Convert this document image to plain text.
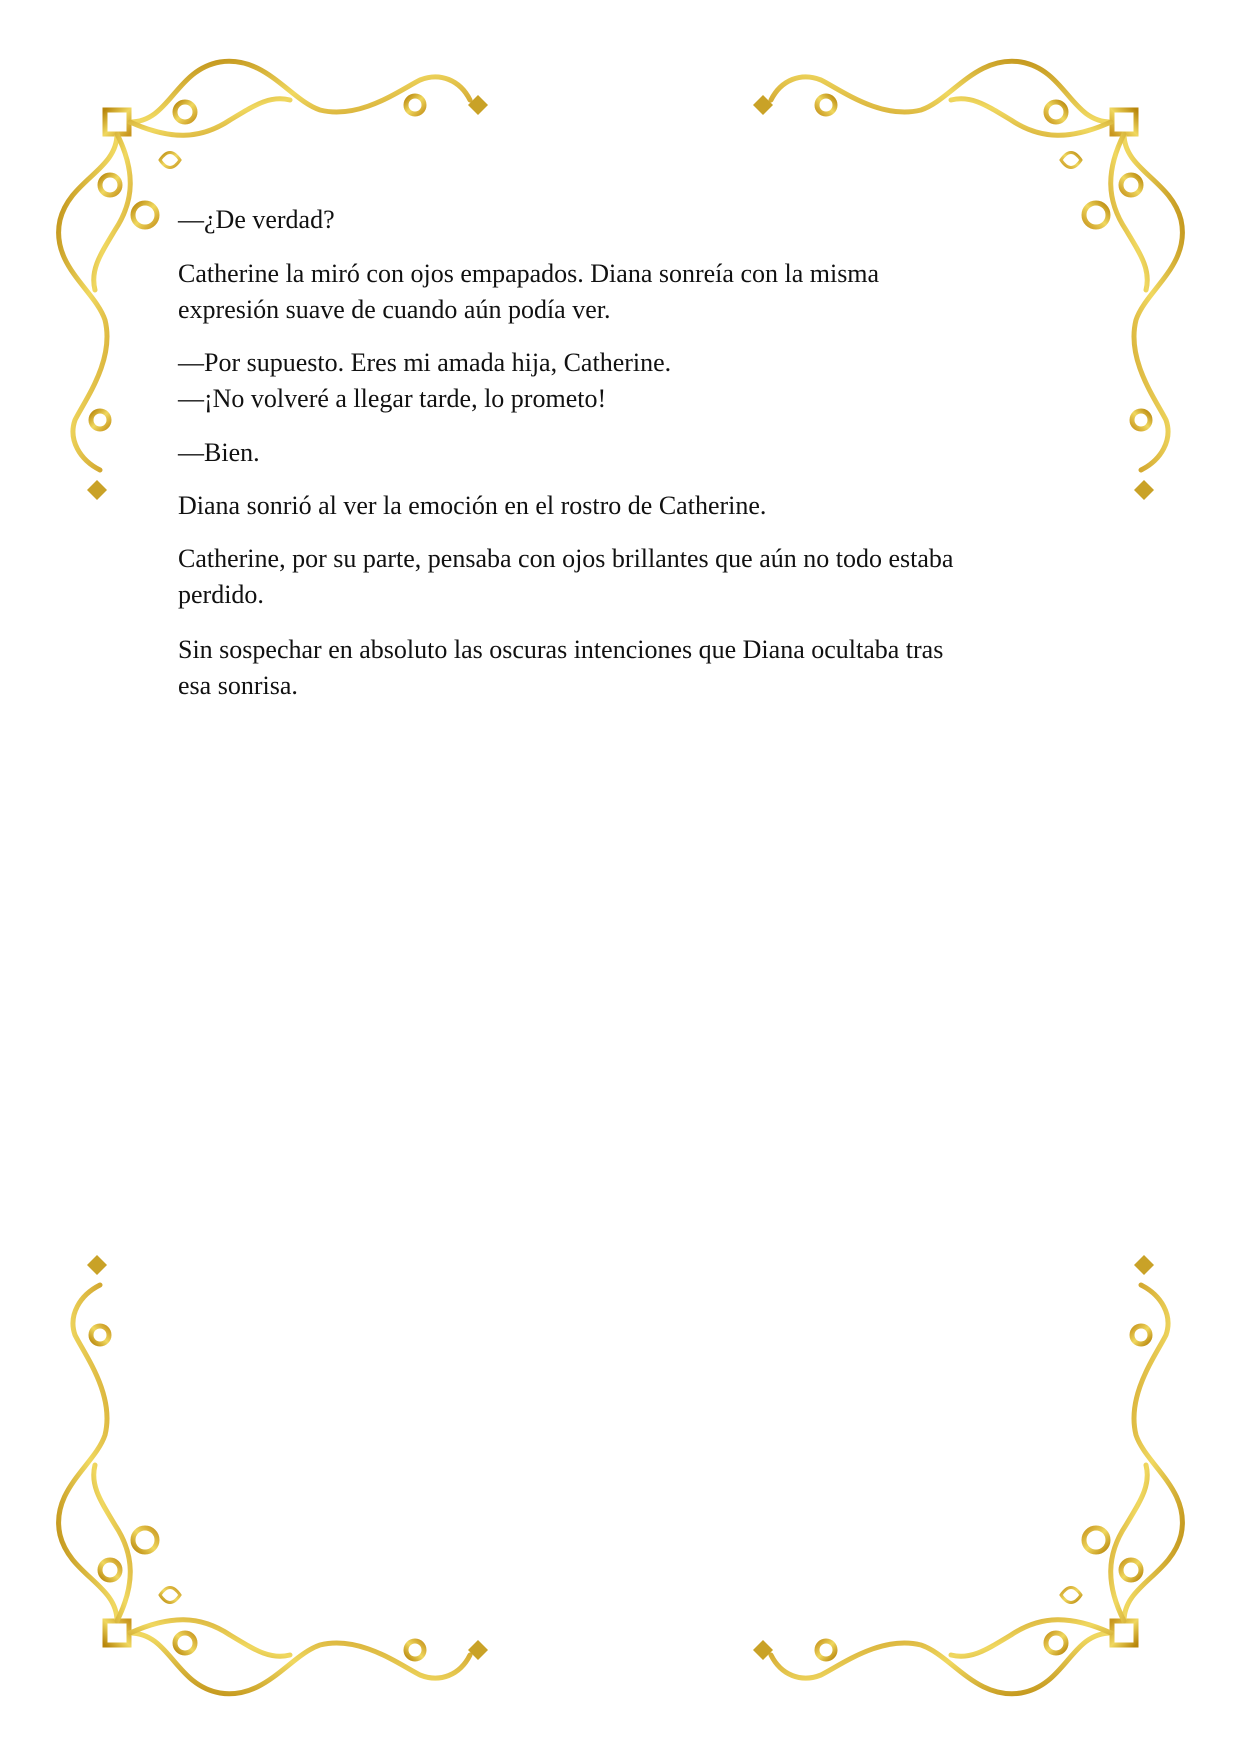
—¿De verdad?
Catherine la miró con ojos empapados. Diana sonreía con la misma
expresión suave de cuando aún podía ver.
—Por supuesto. Eres mi amada hija, Catherine.
—¡No volveré a llegar tarde, lo prometo!
—Bien.
Diana sonrió al ver la emoción en el rostro de Catherine.
Catherine, por su parte, pensaba con ojos brillantes que aún no todo estaba
perdido.
Sin sospechar en absoluto las oscuras intenciones que Diana ocultaba tras
esa sonrisa.
